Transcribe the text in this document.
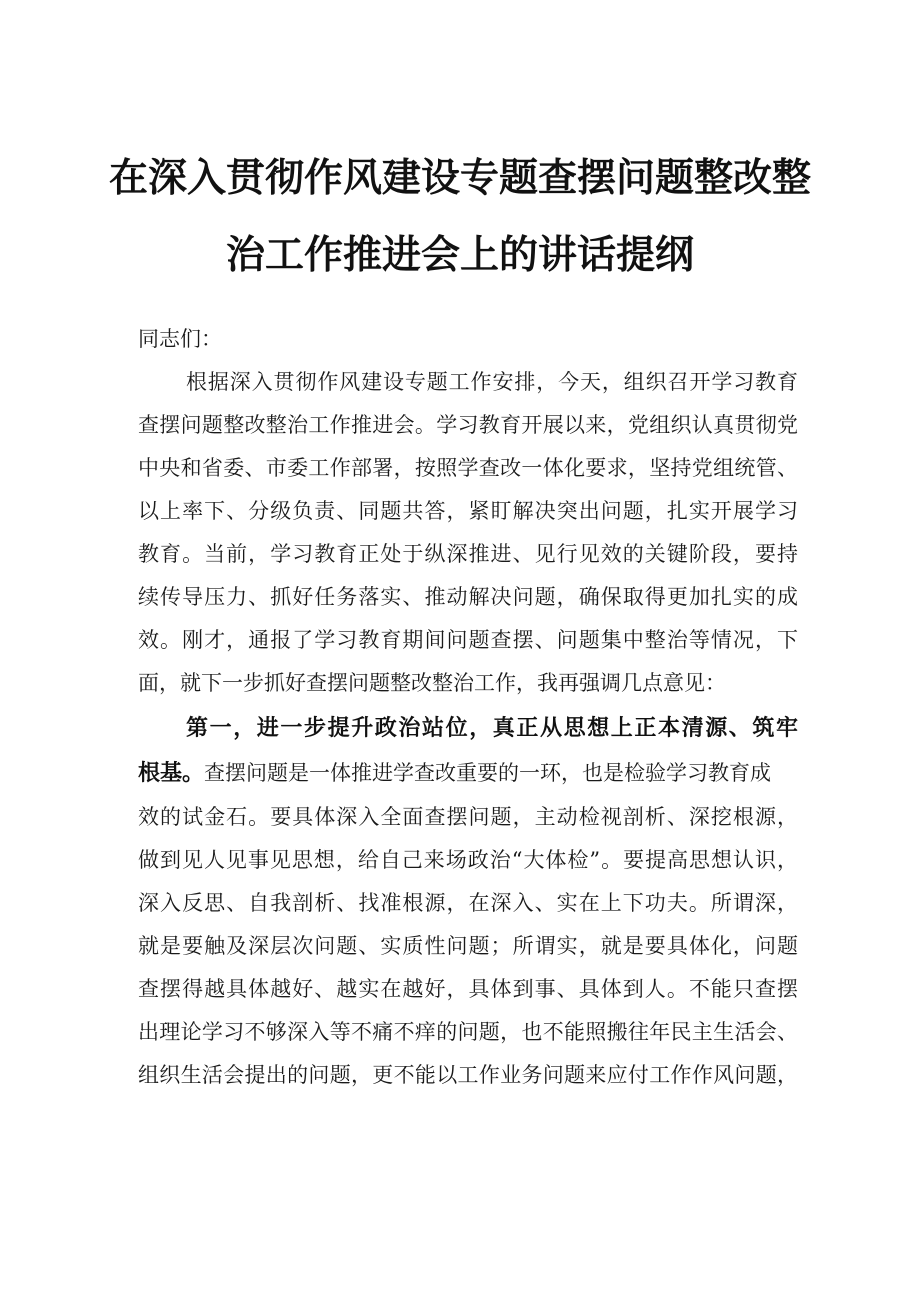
在深入贯彻作风建设专题查摆问题整改整
治工作推进会上的讲话提纲
同志们：
根据深入贯彻作风建设专题工作安排，今天，组织召开学习教育
查摆问题整改整治工作推进会。学习教育开展以来，党组织认真贯彻党
中央和省委、市委工作部署，按照学查改一体化要求，坚持党组统管、
以上率下、分级负责、同题共答，紧盯解决突出问题，扎实开展学习
教育。当前，学习教育正处于纵深推进、见行见效的关键阶段，要持
续传导压力、抓好任务落实、推动解决问题，确保取得更加扎实的成
效。刚才，通报了学习教育期间问题查摆、问题集中整治等情况，下
面，就下一步抓好查摆问题整改整治工作，我再强调几点意见：
第一，进一步提升政治站位，真正从思想上正本清源、筑牢
根基。查摆问题是一体推进学查改重要的一环，也是检验学习教育成
效的试金石。要具体深入全面查摆问题，主动检视剖析、深挖根源，
做到见人见事见思想，给自己来场政治“大体检”。要提高思想认识，
深入反思、自我剖析、找准根源，在深入、实在上下功夫。所谓深，
就是要触及深层次问题、实质性问题；所谓实，就是要具体化，问题
查摆得越具体越好、越实在越好，具体到事、具体到人。不能只查摆
出理论学习不够深入等不痛不痒的问题，也不能照搬往年民主生活会、
组织生活会提出的问题，更不能以工作业务问题来应付工作作风问题，
